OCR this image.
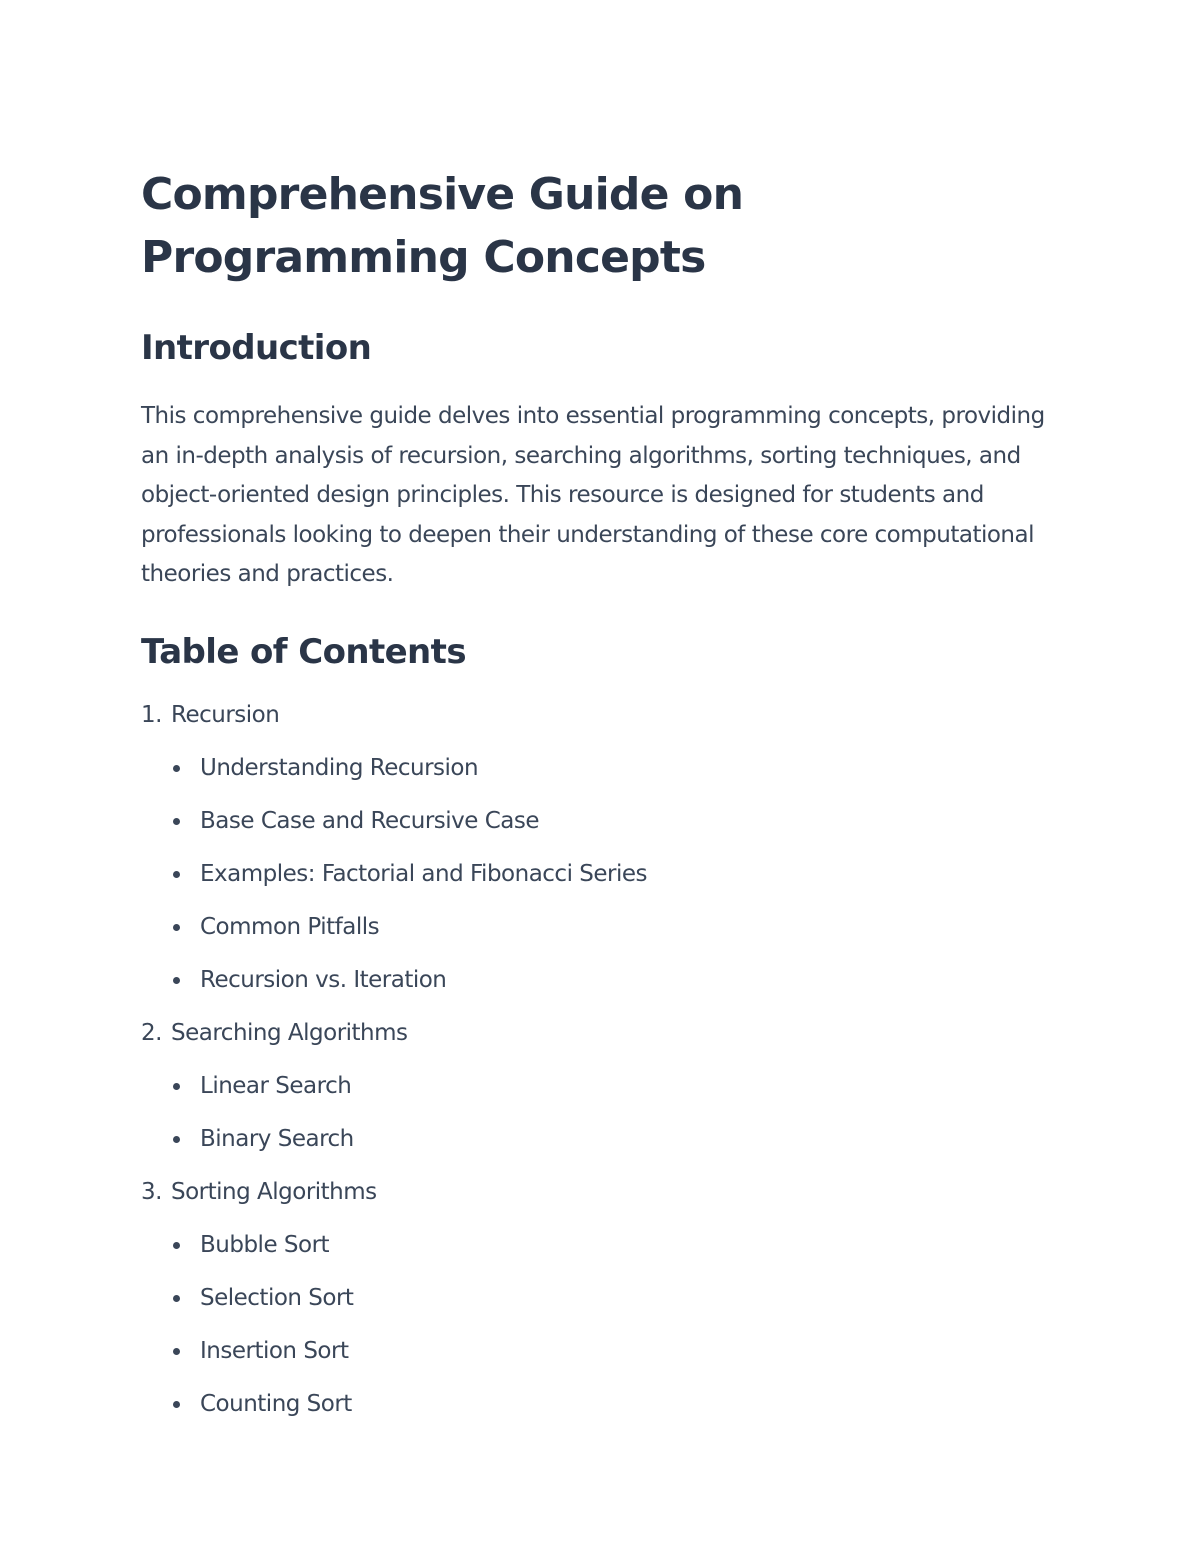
Comprehensive Guide on Programming Concepts
Introduction

This comprehensive guide delves into essential programming concepts, providing an in-depth analysis of recursion, searching algorithms, sorting techniques, and object-oriented design principles. This resource is designed for students and professionals looking to deepen their understanding of these core computational theories and practices.

Table of Contents
1. Recursion
Understanding Recursion
Base Case and Recursive Case
Examples: Factorial and Fibonacci Series
Common Pitfalls
Recursion vs. Iteration
2. Searching Algorithms
Linear Search
Binary Search
3. Sorting Algorithms
Bubble Sort
Selection Sort
Insertion Sort
Counting Sort
